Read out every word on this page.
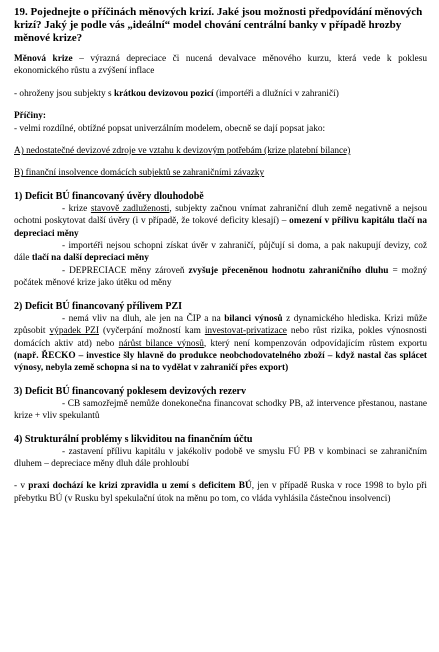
19. Pojednejte o příčinách měnových krizí. Jaké jsou možnosti předpovídání měnových krizí? Jaký je podle vás „ideální“ model chování centrální banky v případě hrozby měnové krize?

Měnová krize – výrazná depreciace či nucená devalvace měnového kurzu, která vede k poklesu ekonomického růstu a zvýšení inflace

- ohroženy jsou subjekty s krátkou devizovou pozicí (importéři a dlužníci v zahraničí)

Příčiny:

- velmi rozdílné, obtížné popsat univerzálním modelem, obecně se dají popsat jako:

A) nedostatečné devizové zdroje ve vztahu k devizovým potřebám (krize platební bilance)

B) finanční insolvence domácích subjektů se zahraničními závazky

1) Deficit BÚ financovaný úvěry dlouhodobě

- krize stavově zadluženosti, subjekty začnou vnímat zahraniční dluh země negativně a nejsou ochotni poskytovat další úvěry (i v případě, že tokové deficity klesají) – omezení v přílivu kapitálu tlačí na depreciaci měny

- importéři nejsou schopni získat úvěr v zahraničí, půjčují si doma, a pak nakupují devizy, což dále tlačí na další depreciaci měny

- DEPRECIACE měny zároveň zvyšuje přeceněnou hodnotu zahraničního dluhu = možný počátek měnové krize jako útěku od měny

2) Deficit BÚ financovaný přílivem PZI

- nemá vliv na dluh, ale jen na ČIP a na bilanci výnosů z dynamického hlediska. Krizi může způsobit výpadek PZI (vyčerpání možností kam investovat-privatizace nebo růst rizika, pokles výnosnosti domácích aktiv atd) nebo nárůst bilance výnosů, který není kompenzován odpovídajícím růstem exportu (např. ŘECKO – investice šly hlavně do produkce neobchodovatelného zboží – když nastal čas splácet výnosy, nebyla země schopna si na to vydělat v zahraničí přes export)

3) Deficit BÚ financovaný poklesem devizových rezerv

- CB samozřejmě nemůže donekonečna financovat schodky PB, až intervence přestanou, nastane krize + vliv spekulantů

4) Strukturální problémy s likviditou na finančním účtu

- zastavení přílivu kapitálu v jakékoliv podobě ve smyslu FÚ PB v kombinaci se zahraničním dluhem – depreciace měny dluh dále prohloubí

- v praxi dochází ke krizi zpravidla u zemí s deficitem BÚ, jen v případě Ruska v roce 1998 to bylo při přebytku BÚ (v Rusku byl spekulační útok na měnu po tom, co vláda vyhlásila částečnou insolvenci)
